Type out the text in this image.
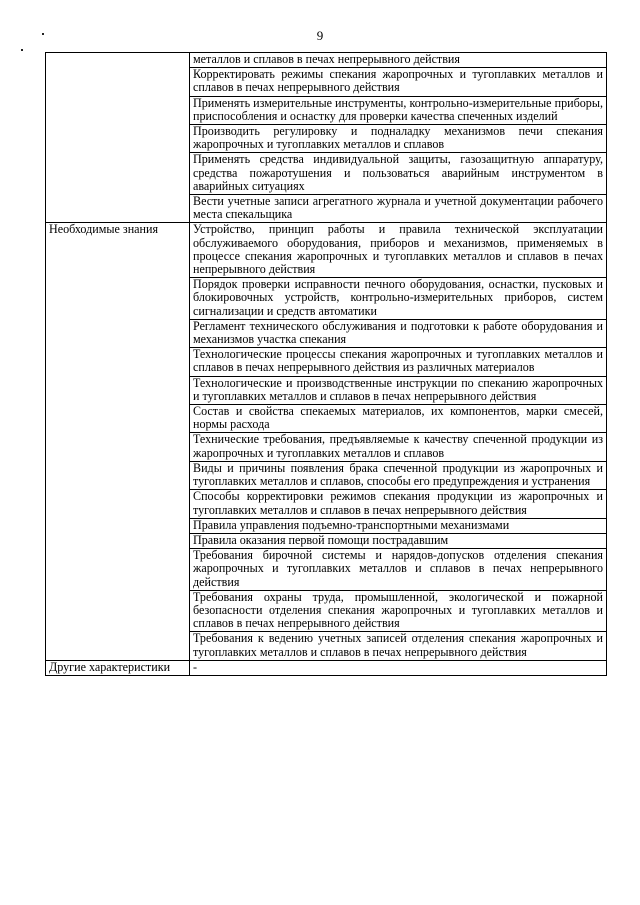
9
	металлов и сплавов в печах непрерывного действия
	Корректировать режимы спекания жаропрочных и тугоплавких металлов и сплавов в печах непрерывного действия
	Применять измерительные инструменты, контрольно-измерительные приборы, приспособления и оснастку для проверки качества спеченных изделий
	Производить регулировку и подналадку механизмов печи спекания жаропрочных и тугоплавких металлов и сплавов
	Применять средства индивидуальной защиты, газозащитную аппаратуру, средства пожаротушения и пользоваться аварийным инструментом в аварийных ситуациях
	Вести учетные записи агрегатного журнала и учетной документации рабочего места спекальщика
Необходимые знания	Устройство, принцип работы и правила технической эксплуатации обслуживаемого оборудования, приборов и механизмов, применяемых в процессе спекания жаропрочных и тугоплавких металлов и сплавов в печах непрерывного действия
	Порядок проверки исправности печного оборудования, оснастки, пусковых и блокировочных устройств, контрольно-измерительных приборов, систем сигнализации и средств автоматики
	Регламент технического обслуживания и подготовки к работе оборудования и механизмов участка спекания
	Технологические процессы спекания жаропрочных и тугоплавких металлов и сплавов в печах непрерывного действия из различных материалов
	Технологические и производственные инструкции по спеканию жаропрочных и тугоплавких металлов и сплавов в печах непрерывного действия
	Состав и свойства спекаемых материалов, их компонентов, марки смесей, нормы расхода
	Технические требования, предъявляемые к качеству спеченной продукции из жаропрочных и тугоплавких металлов и сплавов
	Виды и причины появления брака спеченной продукции из жаропрочных и тугоплавких металлов и сплавов, способы его предупреждения и устранения
	Способы корректировки режимов спекания продукции из жаропрочных и тугоплавких металлов и сплавов в печах непрерывного действия
	Правила управления подъемно-транспортными механизмами
	Правила оказания первой помощи пострадавшим
	Требования бирочной системы и нарядов-допусков отделения спекания жаропрочных и тугоплавких металлов и сплавов в печах непрерывного действия
	Требования охраны труда, промышленной, экологической и пожарной безопасности отделения спекания жаропрочных и тугоплавких металлов и сплавов в печах непрерывного действия
	Требования к ведению учетных записей отделения спекания жаропрочных и тугоплавких металлов и сплавов в печах непрерывного действия
Другие характеристики	-
